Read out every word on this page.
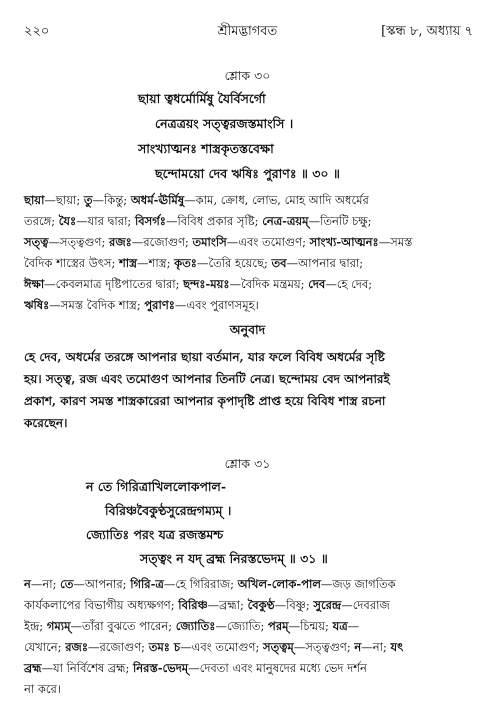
২২০	শ্রীমদ্ভাগবত	[স্কন্ধ ৮, অধ্যায় ৭
শ্লোক ৩০
ছায়া ত্বধর্মোর্মিষু যৈর্বিসর্গো
নেত্রত্রয়ং সত্ত্বরজস্তমাংসি ।
সাংখ্যাত্মনঃ শাস্ত্রকৃতস্তবেক্ষা
ছন্দোময়ো দেব ঋষিঃ পুরাণঃ ॥ ৩০ ॥
ছায়া—ছায়া; তু—কিন্তু; অধর্ম-ঊর্মিষু—কাম, ক্রোধ, লোভ, মোহ আদি অধর্মের
তরঙ্গে; যৈঃ—যার দ্বারা; বিসর্গঃ—বিবিধ প্রকার সৃষ্টি; নেত্র-ত্রয়ম্—তিনটি চক্ষু;
সত্ত্ব—সত্ত্বগুণ; রজঃ—রজোগুণ; তমাংসি—এবং তমোগুণ; সাংখ্য-আত্মনঃ—সমস্ত
বৈদিক শাস্ত্রের উৎস; শাস্ত্র—শাস্ত্র; কৃতঃ—তৈরি হয়েছে; তব—আপনার দ্বারা;
ঈক্ষা—কেবলমাত্র দৃষ্টিপাতের দ্বারা; ছন্দঃ-ময়ঃ—বৈদিক মন্ত্রময়; দেব—হে দেব;
ঋষিঃ—সমস্ত বৈদিক শাস্ত্র; পুরাণঃ—এবং পুরাণসমূহ।
অনুবাদ
হে দেব, অধর্মের তরঙ্গে আপনার ছায়া বর্তমান, যার ফলে বিবিধ অধর্মের সৃষ্টি
হয়। সত্ত্ব, রজ এবং তমোগুণ আপনার তিনটি নেত্র। ছন্দোময় বেদ আপনারই
প্রকাশ, কারণ সমস্ত শাস্ত্রকারেরা আপনার কৃপাদৃষ্টি প্রাপ্ত হয়ে বিবিধ শাস্ত্র রচনা
করেছেন।
শ্লোক ৩১
ন তে গিরিত্রাখিললোকপাল-
বিরিঞ্চবৈকুণ্ঠসুরেন্দ্রগম্যম্ ।
জ্যোতিঃ পরং যত্র রজস্তমশ্চ
সত্ত্বং ন যদ্ ব্রহ্ম নিরস্তভেদম্ ॥ ৩১ ॥
ন—না; তে—আপনার; গিরি-ত্র—হে গিরিরাজ; অখিল-লোক-পাল—জড় জাগতিক
কার্যকলাপের বিভাগীয় অধ্যক্ষগণ; বিরিঞ্চ—ব্রহ্মা; বৈকুণ্ঠ—বিষ্ণু; সুরেন্দ্র—দেবরাজ
ইন্দ্র; গম্যম্—তাঁরা বুঝতে পারেন; জ্যোতিঃ—জ্যোতি; পরম্—চিন্ময়; যত্র—
যেখানে; রজঃ—রজোগুণ; তমঃ চ—এবং তমোগুণ; সত্ত্বম্—সত্ত্বগুণ; ন—না; যৎ
ব্রহ্ম—যা নির্বিশেষ ব্রহ্ম; নিরস্ত-ভেদম্—দেবতা এবং মানুষদের মধ্যে ভেদ দর্শন
না করে।
